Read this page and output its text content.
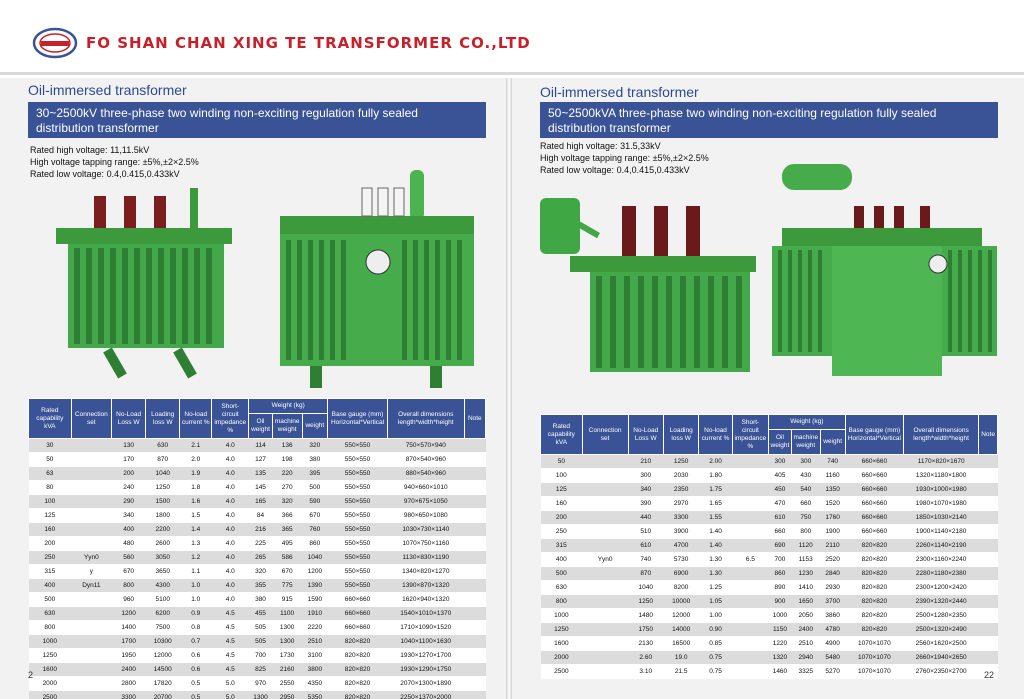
FO SHAN CHAN XING TE TRANSFORMER CO.,LTD
Oil-immersed transformer
30~2500kV three-phase two winding non-exciting regulation fully sealed distribution transformer
Rated high voltage: 11,11.5kV
High voltage tapping range: ±5%,±2×2.5%
Rated low voltage: 0.4,0.415,0.433kV
Rated capability kVA	Connection set	No-Load Loss W	Loading loss W	No-load current %	Short-circuit impedance %	Weight (kg)			Base gauge (mm) Horizontal*Vertical	Overall dimensions length*width*height	Note
						Oil weight	machine weight	weight			
30		130	630	2.1	4.0	114	136	320	550×550	750×570×940	
50		170	870	2.0	4.0	127	198	380	550×550	870×540×960	
63		200	1040	1.9	4.0	135	220	395	550×550	880×540×960	
80		240	1250	1.8	4.0	145	270	500	550×550	940×660×1010	
100		290	1500	1.6	4.0	165	320	590	550×550	970×675×1050	
125		340	1800	1.5	4.0	84	366	670	550×550	980×650×1080	
160		400	2200	1.4	4.0	216	365	760	550×550	1030×730×1140	
200		480	2600	1.3	4.0	225	495	860	550×550	1070×750×1160	
250	Yyn0	560	3050	1.2	4.0	265	586	1040	550×550	1130×830×1190	
315	y	670	3650	1.1	4.0	320	670	1200	550×550	1340×820×1270	
400	Dyn11	800	4300	1.0	4.0	355	775	1390	550×550	1390×870×1320	
500		960	5100	1.0	4.0	380	915	1590	660×660	1620×940×1320	
630		1200	6200	0.9	4.5	455	1100	1910	660×660	1540×1010×1370	
800		1400	7500	0.8	4.5	505	1300	2220	660×660	1710×1090×1520	
1000		1700	10300	0.7	4.5	505	1300	2510	820×820	1040×1100×1630	
1250		1950	12000	0.6	4.5	700	1730	3100	820×820	1930×1270×1700	
1600		2400	14500	0.6	4.5	825	2160	3800	820×820	1930×1290×1750	
2000		2800	17820	0.5	5.0	970	2550	4350	820×820	2070×1300×1890	
2500		3300	20700	0.5	5.0	1300	2950	5350	820×820	2250×1370×2000	
2
Oil-immersed transformer
50~2500kVA three-phase two winding non-exciting regulation fully sealed distribution transformer
Rated high voltage: 31.5,33kV
High voltage tapping range: ±5%,±2×2.5%
Rated low voltage: 0.4,0.415,0.433kV
Rated capability kVA	Connection set	No-Load Loss W	Loading loss W	No-load current %	Short-circuit impedance %	Weight (kg)			Base gauge (mm) Horizontal*Vertical	Overall dimensions length*width*height	Note
						Oil weight	machine weight	weight			
50		210	1250	2.00		300	300	740	660×660	1170×820×1670	
100		300	2030	1.80		405	430	1160	660×660	1320×1180×1800	
125		340	2350	1.75		450	540	1350	660×660	1930×1000×1980	
160		390	2970	1.65		470	660	1520	660×660	1980×1070×1980	
200		440	3300	1.55		610	750	1760	660×660	1850×1030×2140	
250		510	3900	1.40		660	800	1900	660×660	1900×1140×2180	
315		610	4700	1.40		690	1120	2110	820×820	2260×1140×2190	
400	Yyn0	740	5730	1.30	6.5	700	1153	2520	820×820	2300×1160×2240	
500		870	6900	1.30		860	1230	2840	820×820	2280×1180×2380	
630		1040	8200	1.25		890	1410	2930	820×820	2300×1200×2420	
800		1250	10000	1.05		900	1650	3700	820×820	2390×1320×2440	
1000		1480	12000	1.00		1000	2050	3860	820×820	2500×1280×2350	
1250		1750	14000	0.90		1150	2400	4780	820×820	2500×1320×2490	
1600		2130	16500	0.85		1220	2510	4900	1070×1070	2560×1620×2500	
2000		2.60	19.0	0.75		1320	2940	5480	1070×1070	2660×1940×2650	
2500		3.10	21.5	0.75		1460	3325	5270	1070×1070	2760×2350×2700	22
